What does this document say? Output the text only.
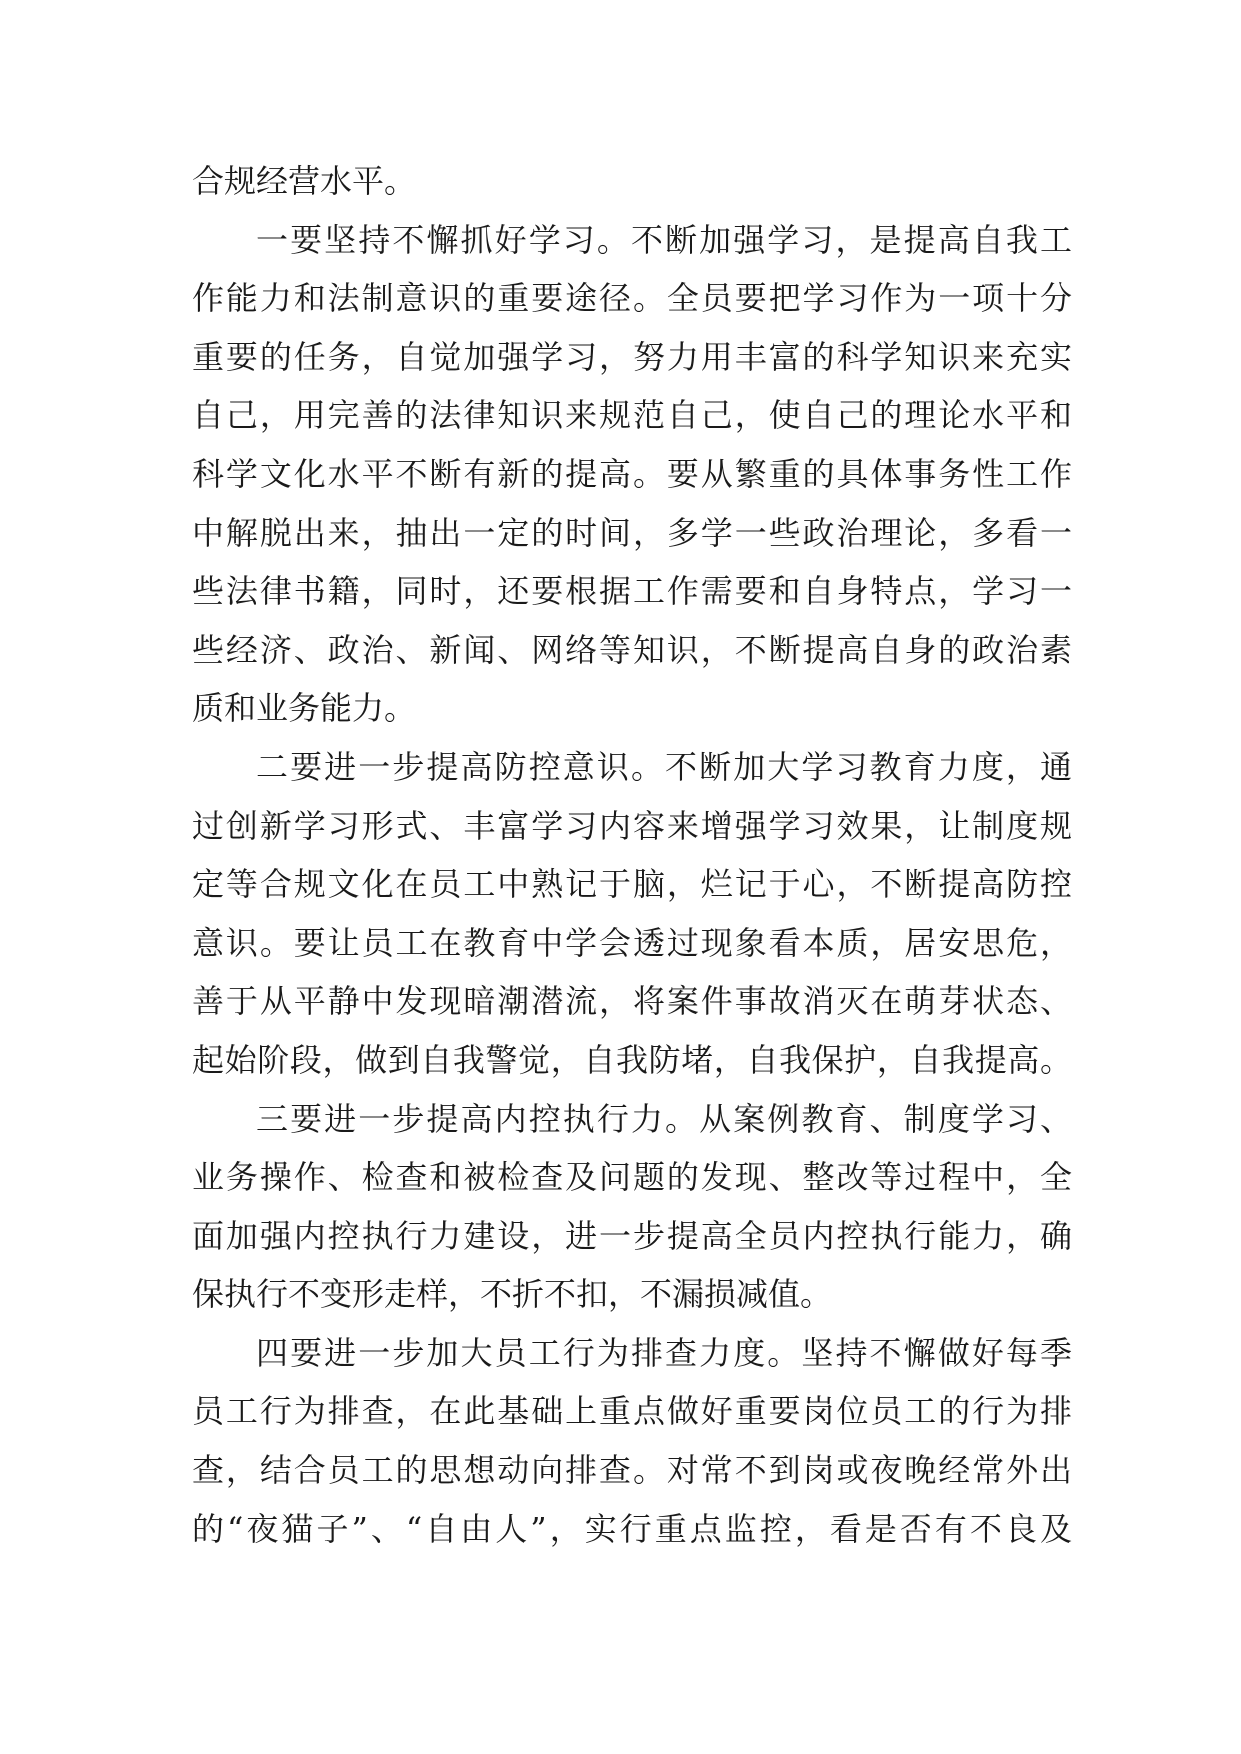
合规经营水平。
一要坚持不懈抓好学习。不断加强学习，是提高自我工
作能力和法制意识的重要途径。全员要把学习作为一项十分
重要的任务，自觉加强学习，努力用丰富的科学知识来充实
自己，用完善的法律知识来规范自己，使自己的理论水平和
科学文化水平不断有新的提高。要从繁重的具体事务性工作
中解脱出来，抽出一定的时间，多学一些政治理论，多看一
些法律书籍，同时，还要根据工作需要和自身特点，学习一
些经济、政治、新闻、网络等知识，不断提高自身的政治素
质和业务能力。
二要进一步提高防控意识。不断加大学习教育力度，通
过创新学习形式、丰富学习内容来增强学习效果，让制度规
定等合规文化在员工中熟记于脑，烂记于心，不断提高防控
意识。要让员工在教育中学会透过现象看本质，居安思危，
善于从平静中发现暗潮潜流，将案件事故消灭在萌芽状态、
起始阶段，做到自我警觉，自我防堵，自我保护，自我提高。
三要进一步提高内控执行力。从案例教育、制度学习、
业务操作、检查和被检查及问题的发现、整改等过程中，全
面加强内控执行力建设，进一步提高全员内控执行能力，确
保执行不变形走样，不折不扣，不漏损减值。
四要进一步加大员工行为排查力度。坚持不懈做好每季
员工行为排查，在此基础上重点做好重要岗位员工的行为排
查，结合员工的思想动向排查。对常不到岗或夜晚经常外出
的“夜猫子”、“自由人”，实行重点监控，看是否有不良及
